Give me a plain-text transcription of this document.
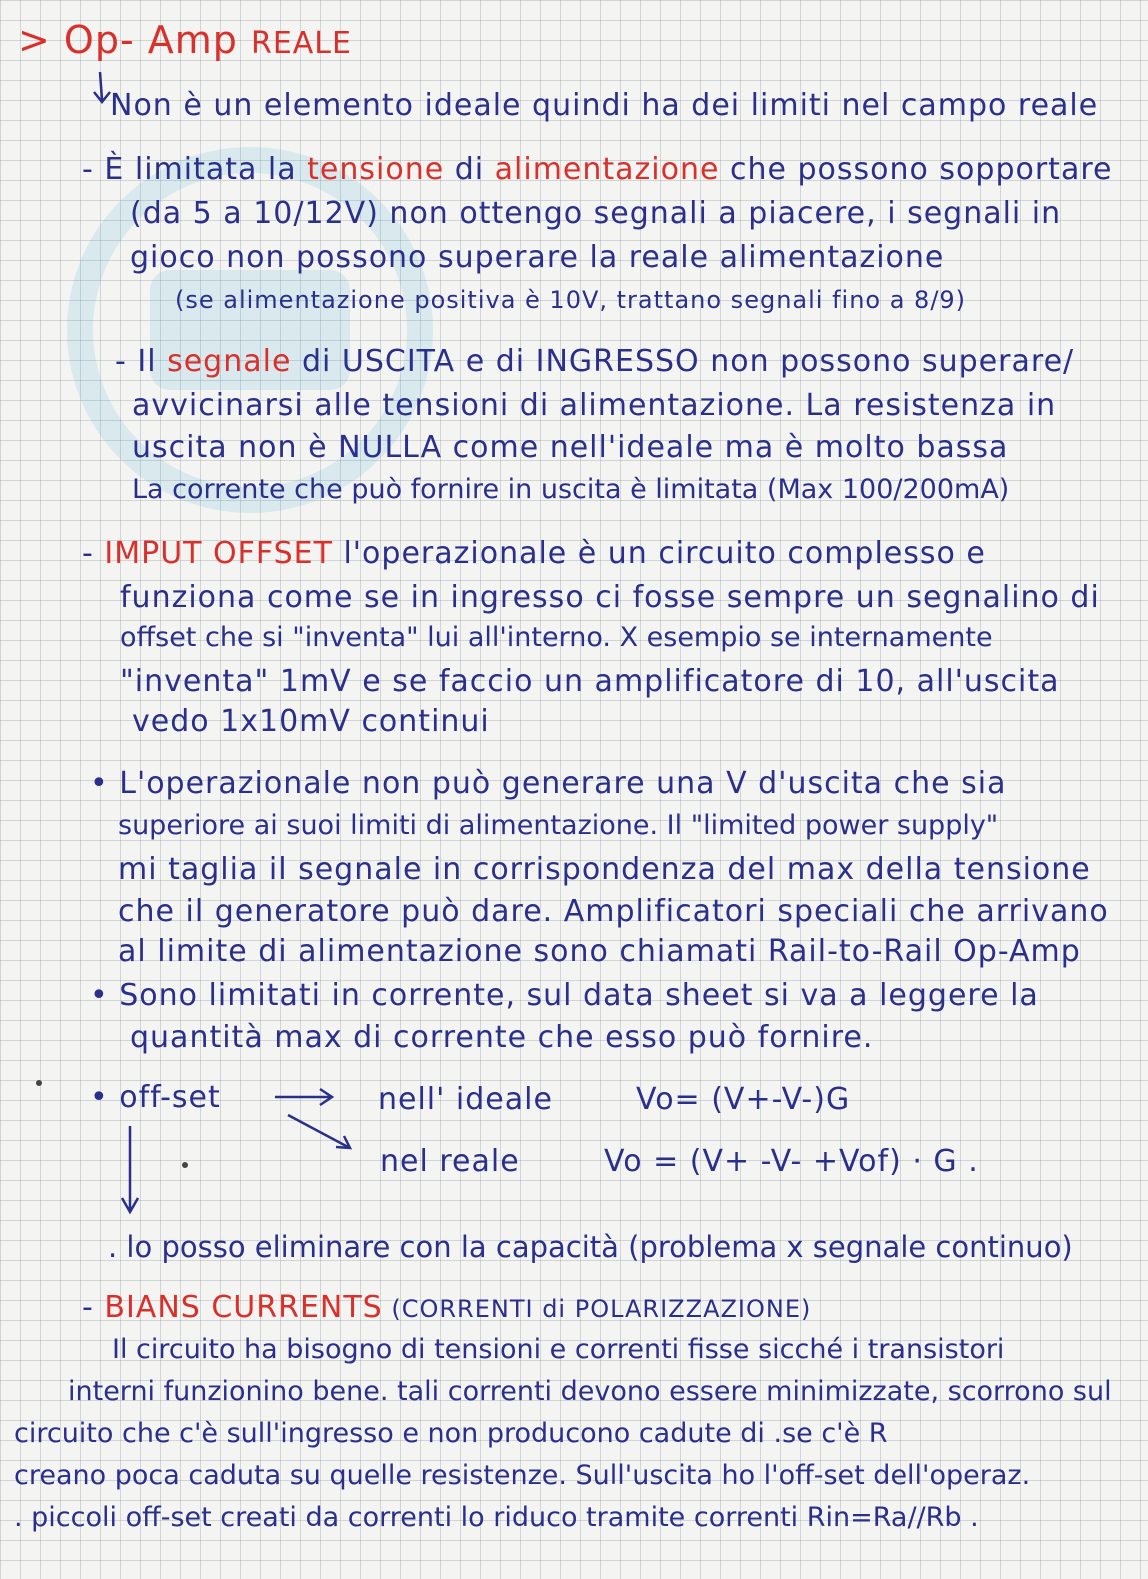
> Op- Amp REALE
Non è un elemento ideale quindi ha dei limiti nel campo reale
- È limitata la tensione di alimentazione che possono sopportare
(da 5 a 10/12V) non ottengo segnali a piacere, i segnali in
gioco non possono superare la reale alimentazione
(se alimentazione positiva è 10V, trattano segnali fino a 8/9)
- Il segnale di USCITA e di INGRESSO non possono superare/
avvicinarsi alle tensioni di alimentazione. La resistenza in
uscita non è NULLA come nell'ideale ma è molto bassa
La corrente che può fornire in uscita è limitata (Max 100/200mA)
- IMPUT OFFSET l'operazionale è un circuito complesso e
funziona come se in ingresso ci fosse sempre un segnalino di
offset che si "inventa" lui all'interno. X esempio se internamente
"inventa" 1mV e se faccio un amplificatore di 10, all'uscita
vedo 1x10mV continui
• L'operazionale non può generare una V d'uscita che sia
superiore ai suoi limiti di alimentazione. Il "limited power supply"
mi taglia il segnale in corrispondenza del max della tensione
che il generatore può dare. Amplificatori speciali che arrivano
al limite di alimentazione sono chiamati Rail-to-Rail Op-Amp
• Sono limitati in corrente, sul data sheet si va a leggere la
quantità max di corrente che esso può fornire.
• off-set	nell' ideale	Vo= (V+-V-)G
nel reale	Vo = (V+ -V- +Vof) · G .
. lo posso eliminare con la capacità (problema x segnale continuo)
- BIANS CURRENTS (CORRENTI di POLARIZZAZIONE)
Il circuito ha bisogno di tensioni e correnti fisse sicché i transistori
interni funzionino bene. tali correnti devono essere minimizzate, scorrono sul
circuito che c'è sull'ingresso e non producono cadute di .se c'è R
creano poca caduta su quelle resistenze. Sull'uscita ho l'off-set dell'operaz.
. piccoli off-set creati da correnti lo riduco tramite correnti Rin=Ra//Rb .
